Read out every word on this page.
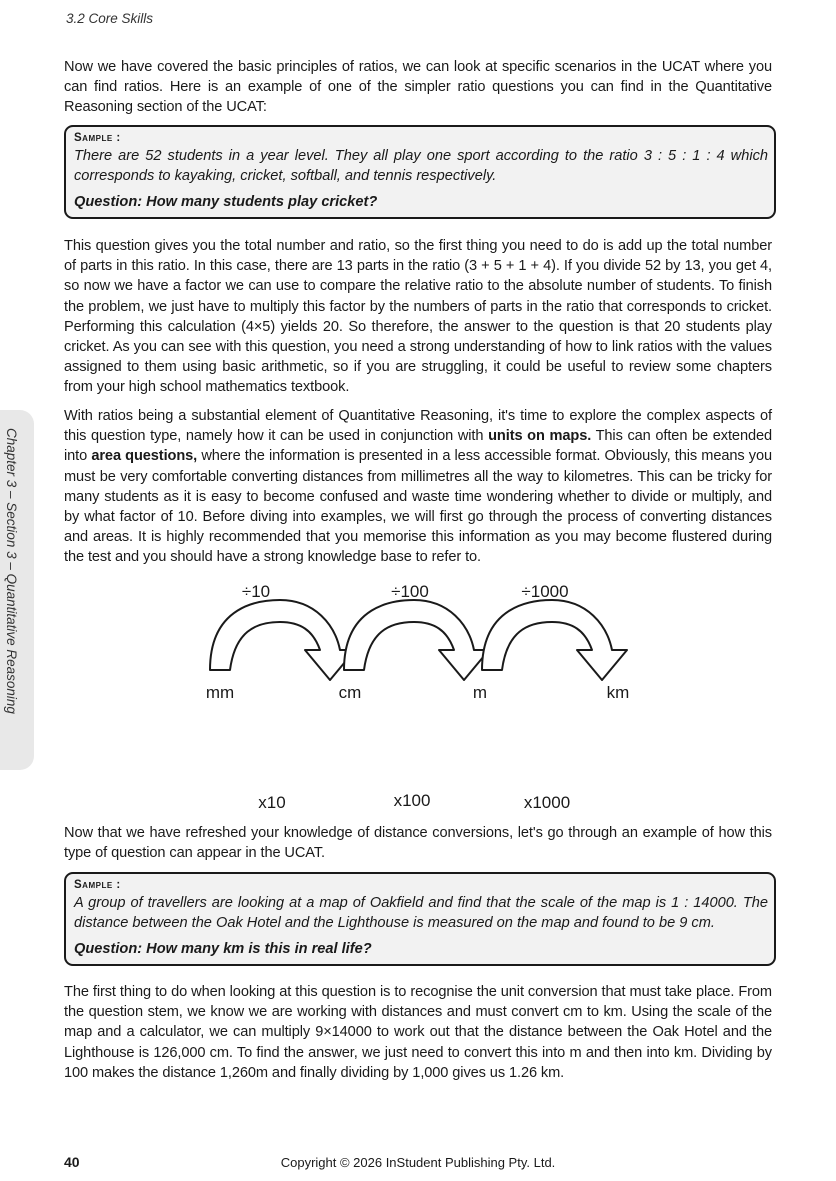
3.2 Core Skills
Chapter 3 – Section 3 – Quantitative Reasoning

Now we have covered the basic principles of ratios, we can look at specific scenarios in the UCAT where you can find ratios. Here is an example of one of the simpler ratio questions you can find in the Quantitative Reasoning section of the UCAT:

Sample :
There are 52 students in a year level. They all play one sport according to the ratio 3 : 5 : 1 : 4 which corresponds to kayaking, cricket, softball, and tennis respectively.
Question: How many students play cricket?

This question gives you the total number and ratio, so the first thing you need to do is add up the total number of parts in this ratio. In this case, there are 13 parts in the ratio (3 + 5 + 1 + 4). If you divide 52 by 13, you get 4, so now we have a factor we can use to compare the relative ratio to the absolute number of students. To finish the problem, we just have to multiply this factor by the numbers of parts in the ratio that corresponds to cricket. Performing this calculation (4×5) yields 20. So therefore, the answer to the question is that 20 students play cricket. As you can see with this question, you need a strong understanding of how to link ratios with the values assigned to them using basic arithmetic, so if you are struggling, it could be useful to review some chapters from your high school mathematics textbook.

With ratios being a substantial element of Quantitative Reasoning, it's time to explore the complex aspects of this question type, namely how it can be used in conjunction with units on maps. This can often be extended into area questions, where the information is presented in a less accessible format. Obviously, this means you must be very comfortable converting distances from millimetres all the way to kilometres. This can be tricky for many students as it is easy to become confused and waste time wondering whether to divide or multiply, and by what factor of 10. Before diving into examples, we will first go through the process of converting distances and areas. It is highly recommended that you memorise this information as you may become flustered during the test and you should have a strong knowledge base to refer to.

÷10	÷100	÷1000
mm	cm	m	km
x10	x100	x1000

Now that we have refreshed your knowledge of distance conversions, let's go through an example of how this type of question can appear in the UCAT.

Sample :
A group of travellers are looking at a map of Oakfield and find that the scale of the map is 1 : 14000. The distance between the Oak Hotel and the Lighthouse is measured on the map and found to be 9 cm.
Question: How many km is this in real life?

The first thing to do when looking at this question is to recognise the unit conversion that must take place. From the question stem, we know we are working with distances and must convert cm to km. Using the scale of the map and a calculator, we can multiply 9×14000 to work out that the distance between the Oak Hotel and the Lighthouse is 126,000 cm. To find the answer, we just need to convert this into m and then into km. Dividing by 100 makes the distance 1,260m and finally dividing by 1,000 gives us 1.26 km.

40	Copyright © 2026 InStudent Publishing Pty. Ltd.
